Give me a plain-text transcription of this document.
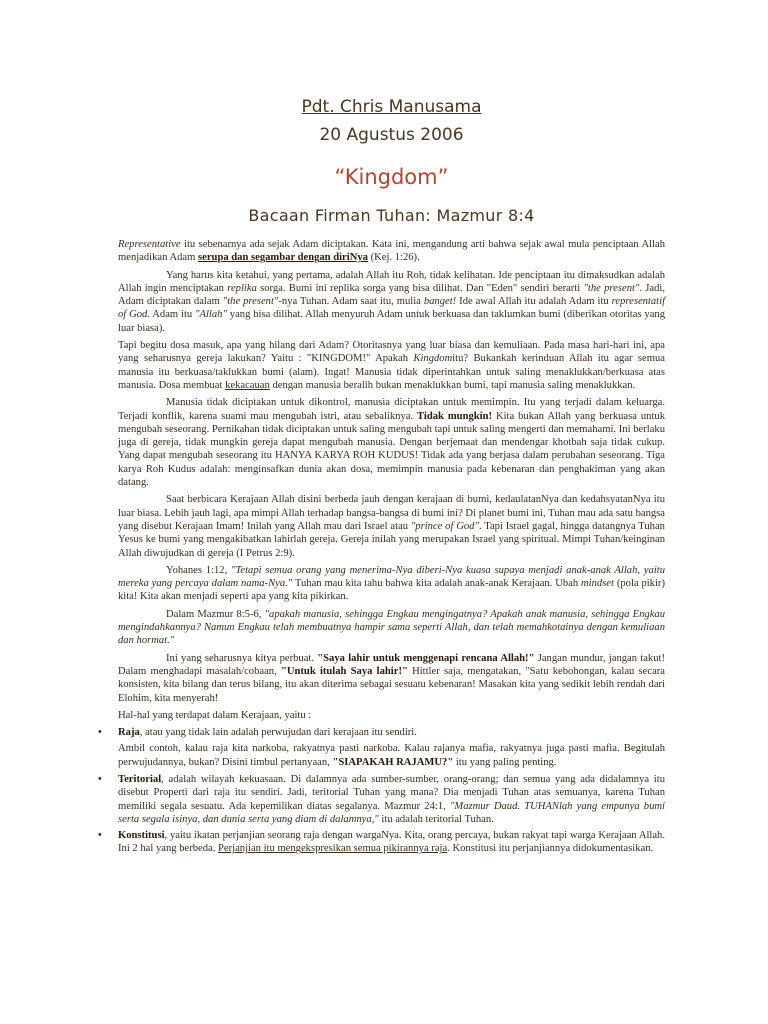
Pdt. Chris Manusama
20 Agustus 2006
“Kingdom”
Bacaan Firman Tuhan: Mazmur 8:4

Representative itu sebenarnya ada sejak Adam diciptakan. Kata ini, mengandung arti bahwa sejak awal mula penciptaan Allah menjadikan Adam serupa dan segambar dengan diriNya (Kej. 1:26).

Yang harus kita ketahui, yang pertama, adalah Allah itu Roh, tidak kelihatan. Ide penciptaan itu dimaksudkan adalah Allah ingin menciptakan replika sorga. Bumi ini replika sorga yang bisa dilihat. Dan "Eden" sendiri berarti "the present". Jadi, Adam diciptakan dalam "the present"-nya Tuhan. Adam saat itu, mulia banget! Ide awal Allah itu adalah Adam itu representatif of God. Adam itu "Allah" yang bisa dilihat. Allah menyuruh Adam untuk berkuasa dan taklumkan bumi (diberikan otoritas yang luar biasa).

Tapi begitu dosa masuk, apa yang hilang dari Adam? Otoritasnya yang luar biasa dan kemuliaan. Pada masa hari-hari ini, apa yang seharusnya gereja lakukan? Yaitu : "KINGDOM!" Apakah Kingdomitu? Bukankah kerinduan Allah itu agar semua manusia itu berkuasa/taklukkan bumi (alam). Ingat! Manusia tidak diperintahkan untuk saling menaklukkan/berkuasa atas manusia. Dosa membuat kekacauan dengan manusia beralih bukan menaklukkan bumi, tapi manusia saling menaklukkan.

Manusia tidak diciptakan untuk dikontrol, manusia diciptakan untuk memimpin. Itu yang terjadi dalam keluarga. Terjadi konflik, karena suami mau mengubah istri, atau sebaliknya. Tidak mungkin! Kita bukan Allah yang berkuasa untuk mengubah seseorang. Pernikahan tidak diciptakan untuk saling mengubah tapi untuk saling mengerti dan memahami. Ini berlaku juga di gereja, tidak mungkin gereja dapat mengubah manusia. Dengan berjemaat dan mendengar khotbah saja tidak cukup. Yang dapat mengubah seseorang itu HANYA KARYA ROH KUDUS! Tidak ada yang berjasa dalam perubahan seseorang. Tiga karya Roh Kudus adalah: menginsafkan dunia akan dosa, memimpin manusia pada kebenaran dan penghakiman yang akan datang.

Saat berbicara Kerajaan Allah disini berbeda jauh dengan kerajaan di bumi, kedaulatanNya dan kedahsyatanNya itu luar biasa. Lebih jauh lagi, apa mimpi Allah terhadap bangsa-bangsa di bumi ini? Di planet bumi ini, Tuhan mau ada satu bangsa yang disebut Kerajaan Imam! Inilah yang Allah mau dari Israel atau "prince of God". Tapi Israel gagal, hingga datangnya Tuhan Yesus ke bumi yang mengakibatkan lahirlah gereja. Gereja inilah yang merupakan Israel yang spiritual. Mimpi Tuhan/keinginan Allah diwujudkan di gereja (I Petrus 2:9).

Yohanes 1:12, "Tetapi semua orang yang menerima-Nya diberi-Nya kuasa supaya menjadi anak-anak Allah, yaitu mereka yang percaya dalam nama-Nya." Tuhan mau kita tahu bahwa kita adalah anak-anak Kerajaan. Ubah mindset (pola pikir) kita! Kita akan menjadi seperti apa yang kita pikirkan.

Dalam Mazmur 8:5-6, "apakah manusia, sehingga Engkau mengingatnya? Apakah anak manusia, sehingga Engkau mengindahkannya? Namun Engkau telah membuatnya hampir sama seperti Allah, dan telah memahkotainya dengan kemuliaan dan hormat."

Ini yang seharusnya kitya perbuat. "Saya lahir untuk menggenapi rencana Allah!" Jangan mundur, jangan takut! Dalam menghadapi masalah/cobaan, "Untuk itulah Saya lahir!" Hittler saja, mengatakan, "Satu kebohongan, kalau secara konsisten, kita bilang dan terus bilang, itu akan diterima sebagai sesuatu kebenaran! Masakan kita yang sedikit lebih rendah dari Elohim, kita menyerah!

Hal-hal yang terdapat dalam Kerajaan, yaitu :

• Raja, atau yang tidak lain adalah perwujudan dari kerajaan itu sendiri.

Ambil contoh, kalau raja kita narkoba, rakyatnya pasti narkoba. Kalau rajanya mafia, rakyatnya juga pasti mafia. Begitulah perwujudannya, bukan? Disini timbul pertanyaan, "SIAPAKAH RAJAMU?" itu yang paling penting.

• Teritorial, adalah wilayah kekuasaan. Di dalamnya ada sumber-sumber, orang-orang; dan semua yang ada didalamnya itu disebut Properti dari raja itu sendiri. Jadi, teritorial Tuhan yang mana? Dia menjadi Tuhan atas semuanya, karena Tuhan memiliki segala sesuatu. Ada kepemilikan diatas segalanya. Mazmur 24:1, "Mazmur Daud. TUHANlah yang empunya bumi serta segala isinya, dan dunia serta yang diam di dalamnya," itu adalah teritorial Tuhan.
• Konstitusi, yaitu ikatan perjanjian seorang raja dengan wargaNya. Kita, orang percaya, bukan rakyat tapi warga Kerajaan Allah. Ini 2 hal yang berbeda. Perjanjian itu mengekspresikan semua pikirannya raja. Konstitusi itu perjanjiannya didokumentasikan.
